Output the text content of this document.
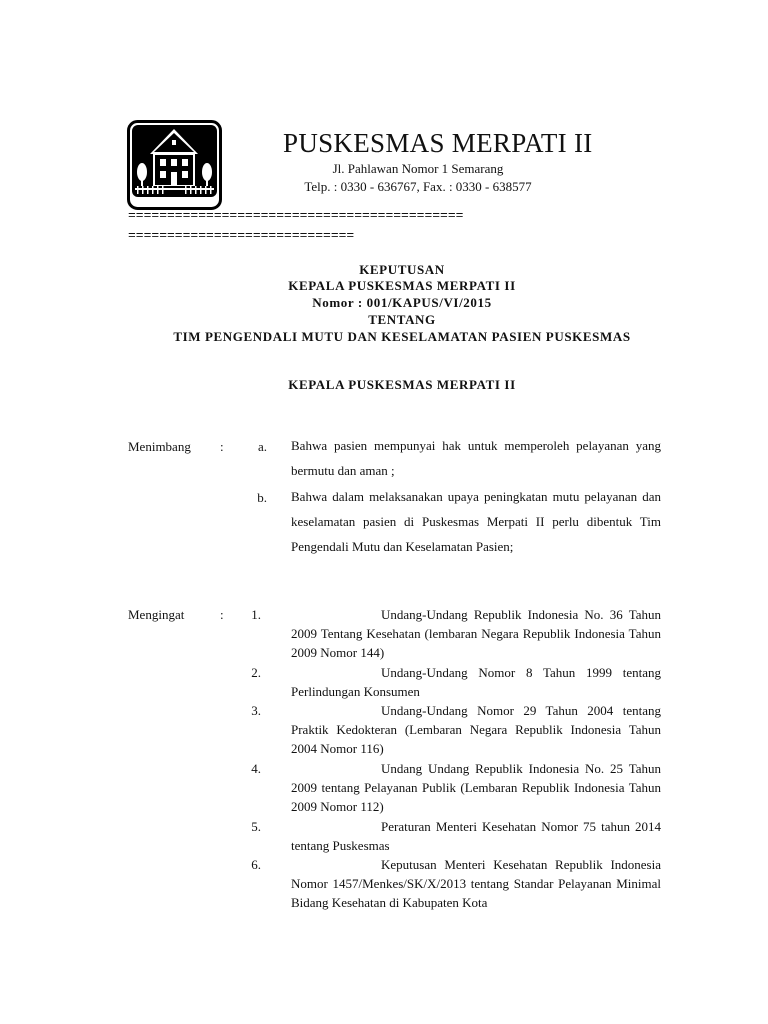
PUSKESMAS MERPATI II
Jl. Pahlawan Nomor 1 Semarang
Telp. : 0330 - 636767, Fax. : 0330 - 638577
===========================================
=============================
KEPUTUSAN
KEPALA PUSKESMAS MERPATI II
Nomor : 001/KAPUS/VI/2015
TENTANG
TIM PENGENDALI MUTU DAN KESELAMATAN PASIEN PUSKESMAS
KEPALA PUSKESMAS MERPATI II
Menimbang :	a. Bahwa pasien mempunyai hak untuk memperoleh pelayanan yang bermutu dan aman ;
b. Bahwa dalam melaksanakan upaya peningkatan mutu pelayanan dan keselamatan pasien di Puskesmas Merpati II perlu dibentuk Tim Pengendali Mutu dan Keselamatan Pasien;
Mengingat	:	1.	Undang-Undang Republik Indonesia No. 36 Tahun 2009 Tentang Kesehatan (lembaran Negara Republik Indonesia Tahun 2009 Nomor 144)
2.	Undang-Undang Nomor 8 Tahun 1999 tentang Perlindungan Konsumen
3.	Undang-Undang Nomor 29 Tahun 2004 tentang Praktik Kedokteran (Lembaran Negara Republik Indonesia Tahun 2004 Nomor 116)
4.	Undang Undang Republik Indonesia No. 25 Tahun 2009 tentang Pelayanan Publik (Lembaran Republik Indonesia Tahun 2009 Nomor 112)
5.	Peraturan Menteri Kesehatan Nomor 75 tahun 2014 tentang Puskesmas
6.	Keputusan Menteri Kesehatan Republik Indonesia Nomor 1457/Menkes/SK/X/2013 tentang Standar Pelayanan Minimal Bidang Kesehatan di Kabupaten Kota
